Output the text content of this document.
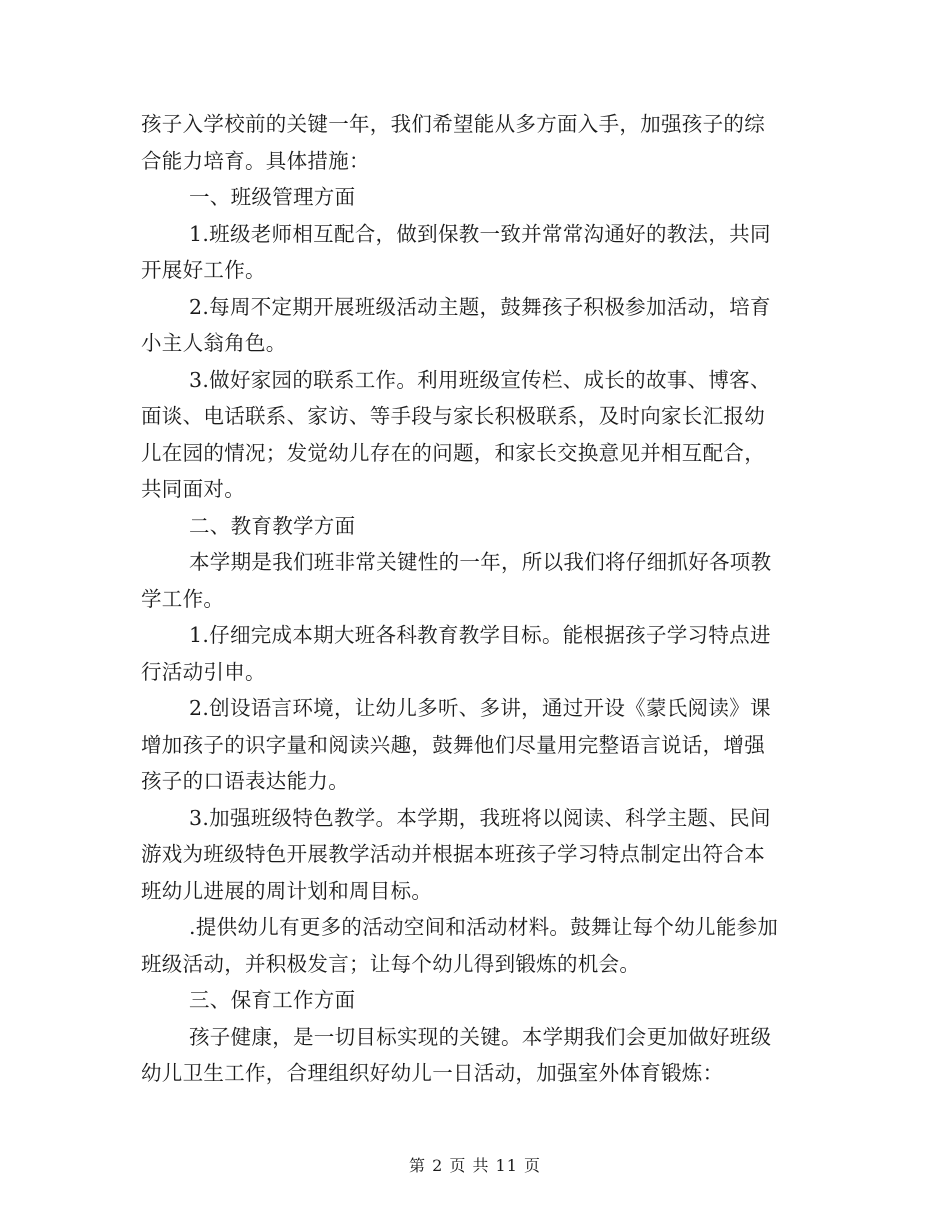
孩子入学校前的关键一年，我们希望能从多方面入手，加强孩子的综
合能力培育。具体措施：
一、班级管理方面
1.班级老师相互配合，做到保教一致并常常沟通好的教法，共同
开展好工作。
2.每周不定期开展班级活动主题，鼓舞孩子积极参加活动，培育
小主人翁角色。
3.做好家园的联系工作。利用班级宣传栏、成长的故事、博客、
面谈、电话联系、家访、等手段与家长积极联系，及时向家长汇报幼
儿在园的情况；发觉幼儿存在的问题，和家长交换意见并相互配合，
共同面对。
二、教育教学方面
本学期是我们班非常关键性的一年，所以我们将仔细抓好各项教
学工作。
1.仔细完成本期大班各科教育教学目标。能根据孩子学习特点进
行活动引申。
2.创设语言环境，让幼儿多听、多讲，通过开设《蒙氏阅读》课
增加孩子的识字量和阅读兴趣，鼓舞他们尽量用完整语言说话，增强
孩子的口语表达能力。
3.加强班级特色教学。本学期，我班将以阅读、科学主题、民间
游戏为班级特色开展教学活动并根据本班孩子学习特点制定出符合本
班幼儿进展的周计划和周目标。
.提供幼儿有更多的活动空间和活动材料。鼓舞让每个幼儿能参加
班级活动，并积极发言；让每个幼儿得到锻炼的机会。
三、保育工作方面
孩子健康，是一切目标实现的关键。本学期我们会更加做好班级
幼儿卫生工作，合理组织好幼儿一日活动，加强室外体育锻炼：
第 2 页 共 11 页
